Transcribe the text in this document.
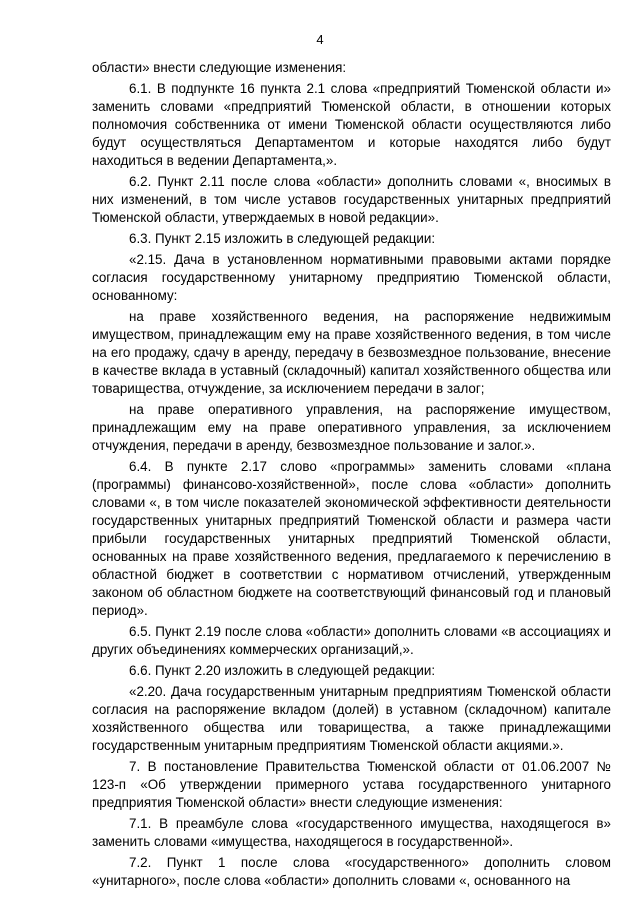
4

области» внести следующие изменения:

6.1. В подпункте 16 пункта 2.1 слова «предприятий Тюменской области и» заменить словами «предприятий Тюменской области, в отношении которых полномочия собственника от имени Тюменской области осуществляются либо будут осуществляться Департаментом и которые находятся либо будут находиться в ведении Департамента,».

6.2. Пункт 2.11 после слова «области» дополнить словами «, вносимых в них изменений, в том числе уставов государственных унитарных предприятий Тюменской области, утверждаемых в новой редакции».

6.3. Пункт 2.15 изложить в следующей редакции:

«2.15. Дача в установленном нормативными правовыми актами порядке согласия государственному унитарному предприятию Тюменской области, основанному:

на праве хозяйственного ведения, на распоряжение недвижимым имуществом, принадлежащим ему на праве хозяйственного ведения, в том числе на его продажу, сдачу в аренду, передачу в безвозмездное пользование, внесение в качестве вклада в уставный (складочный) капитал хозяйственного общества или товарищества, отчуждение, за исключением передачи в залог;

на праве оперативного управления, на распоряжение имуществом, принадлежащим ему на праве оперативного управления, за исключением отчуждения, передачи в аренду, безвозмездное пользование и залог.».

6.4. В пункте 2.17 слово «программы» заменить словами «плана (программы) финансово-хозяйственной», после слова «области» дополнить словами «, в том числе показателей экономической эффективности деятельности государственных унитарных предприятий Тюменской области и размера части прибыли государственных унитарных предприятий Тюменской области, основанных на праве хозяйственного ведения, предлагаемого к перечислению в областной бюджет в соответствии с нормативом отчислений, утвержденным законом об областном бюджете на соответствующий финансовый год и плановый период».

6.5. Пункт 2.19 после слова «области» дополнить словами «в ассоциациях и других объединениях коммерческих организаций,».

6.6. Пункт 2.20 изложить в следующей редакции:

«2.20. Дача государственным унитарным предприятиям Тюменской области согласия на распоряжение вкладом (долей) в уставном (складочном) капитале хозяйственного общества или товарищества, а также принадлежащими государственным унитарным предприятиям Тюменской области акциями.».

7. В постановление Правительства Тюменской области от 01.06.2007 № 123-п «Об утверждении примерного устава государственного унитарного предприятия Тюменской области» внести следующие изменения:

7.1. В преамбуле слова «государственного имущества, находящегося в» заменить словами «имущества, находящегося в государственной».

7.2. Пункт 1 после слова «государственного» дополнить словом «унитарного», после слова «области» дополнить словами «, основанного на
